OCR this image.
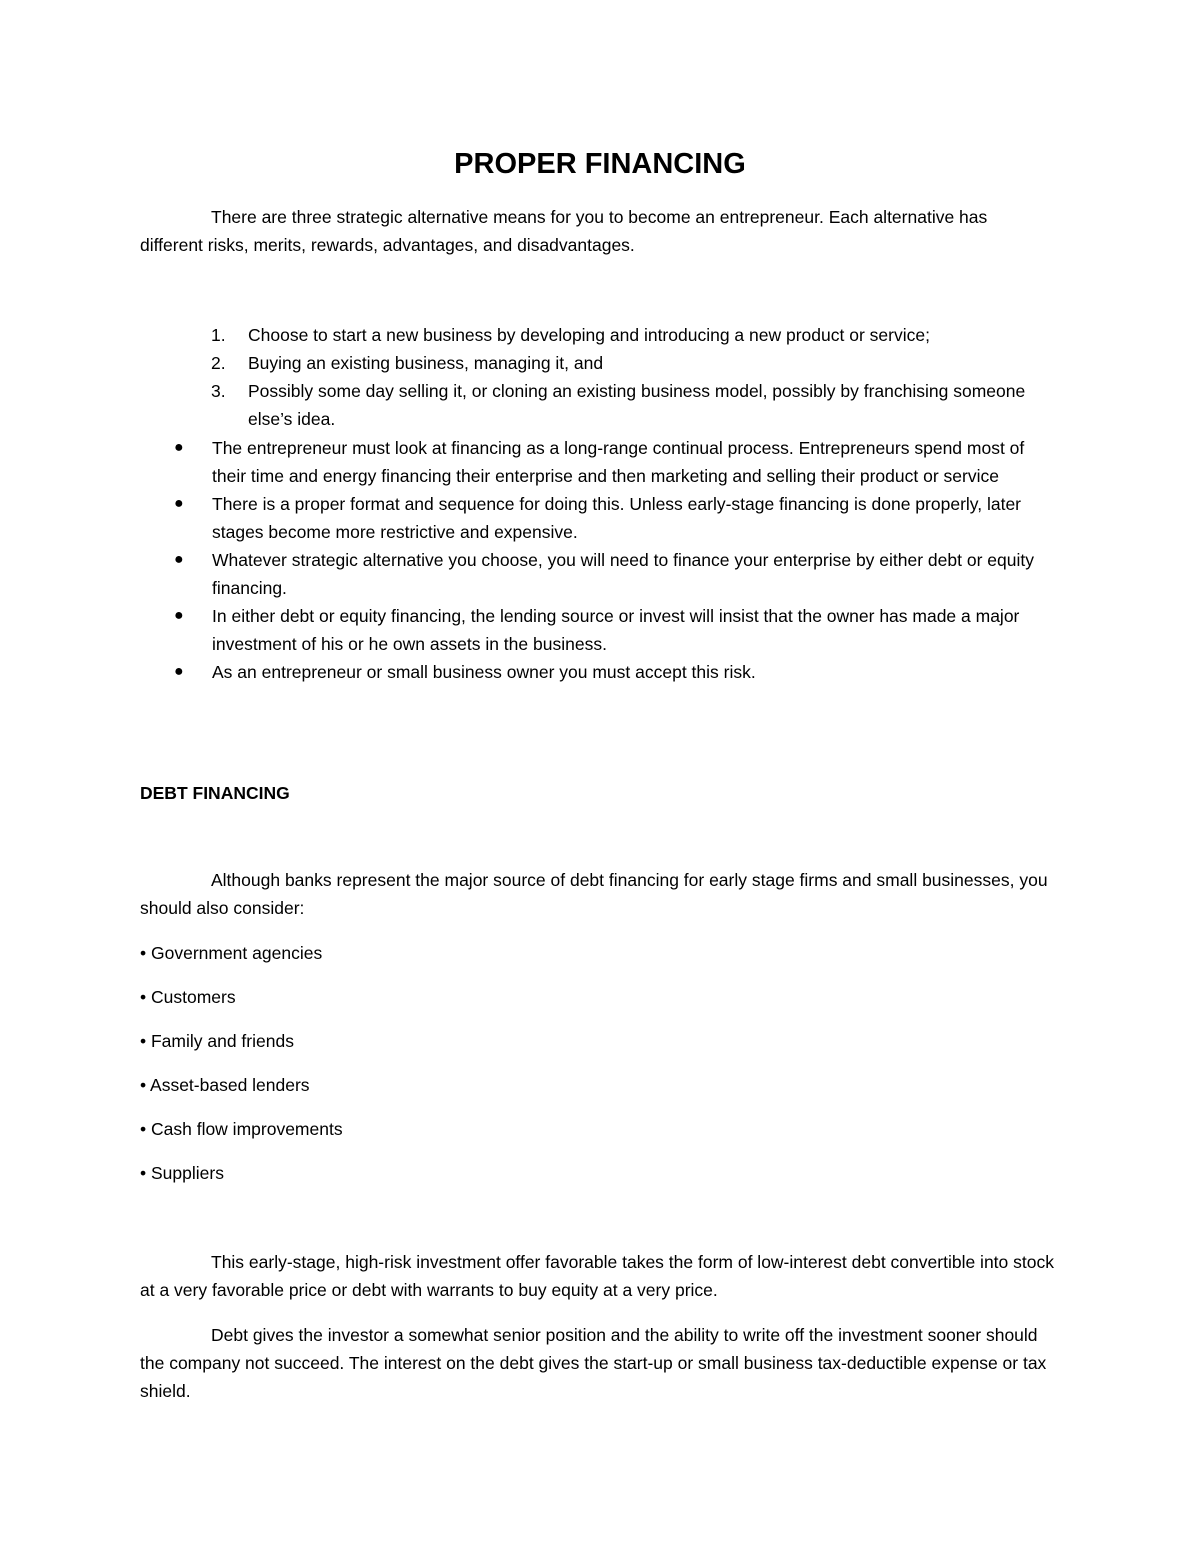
PROPER FINANCING

There are three strategic alternative means for you to become an entrepreneur. Each alternative has different risks, merits, rewards, advantages, and disadvantages.

1. Choose to start a new business by developing and introducing a new product or service;
2. Buying an existing business, managing it, and
3. Possibly some day selling it, or cloning an existing business model, possibly by franchising someone else’s idea.
● The entrepreneur must look at financing as a long-range continual process. Entrepreneurs spend most of their time and energy financing their enterprise and then marketing and selling their product or service
● There is a proper format and sequence for doing this. Unless early-stage financing is done properly, later stages become more restrictive and expensive.
● Whatever strategic alternative you choose, you will need to finance your enterprise by either debt or equity financing.
● In either debt or equity financing, the lending source or invest will insist that the owner has made a major investment of his or he own assets in the business.
● As an entrepreneur or small business owner you must accept this risk.
DEBT FINANCING

Although banks represent the major source of debt financing for early stage firms and small businesses, you should also consider:

• Government agencies
• Customers
• Family and friends
• Asset-based lenders
• Cash flow improvements
• Suppliers

This early-stage, high-risk investment offer favorable takes the form of low-interest debt convertible into stock at a very favorable price or debt with warrants to buy equity at a very price.

Debt gives the investor a somewhat senior position and the ability to write off the investment sooner should the company not succeed. The interest on the debt gives the start-up or small business tax-deductible expense or tax shield.
